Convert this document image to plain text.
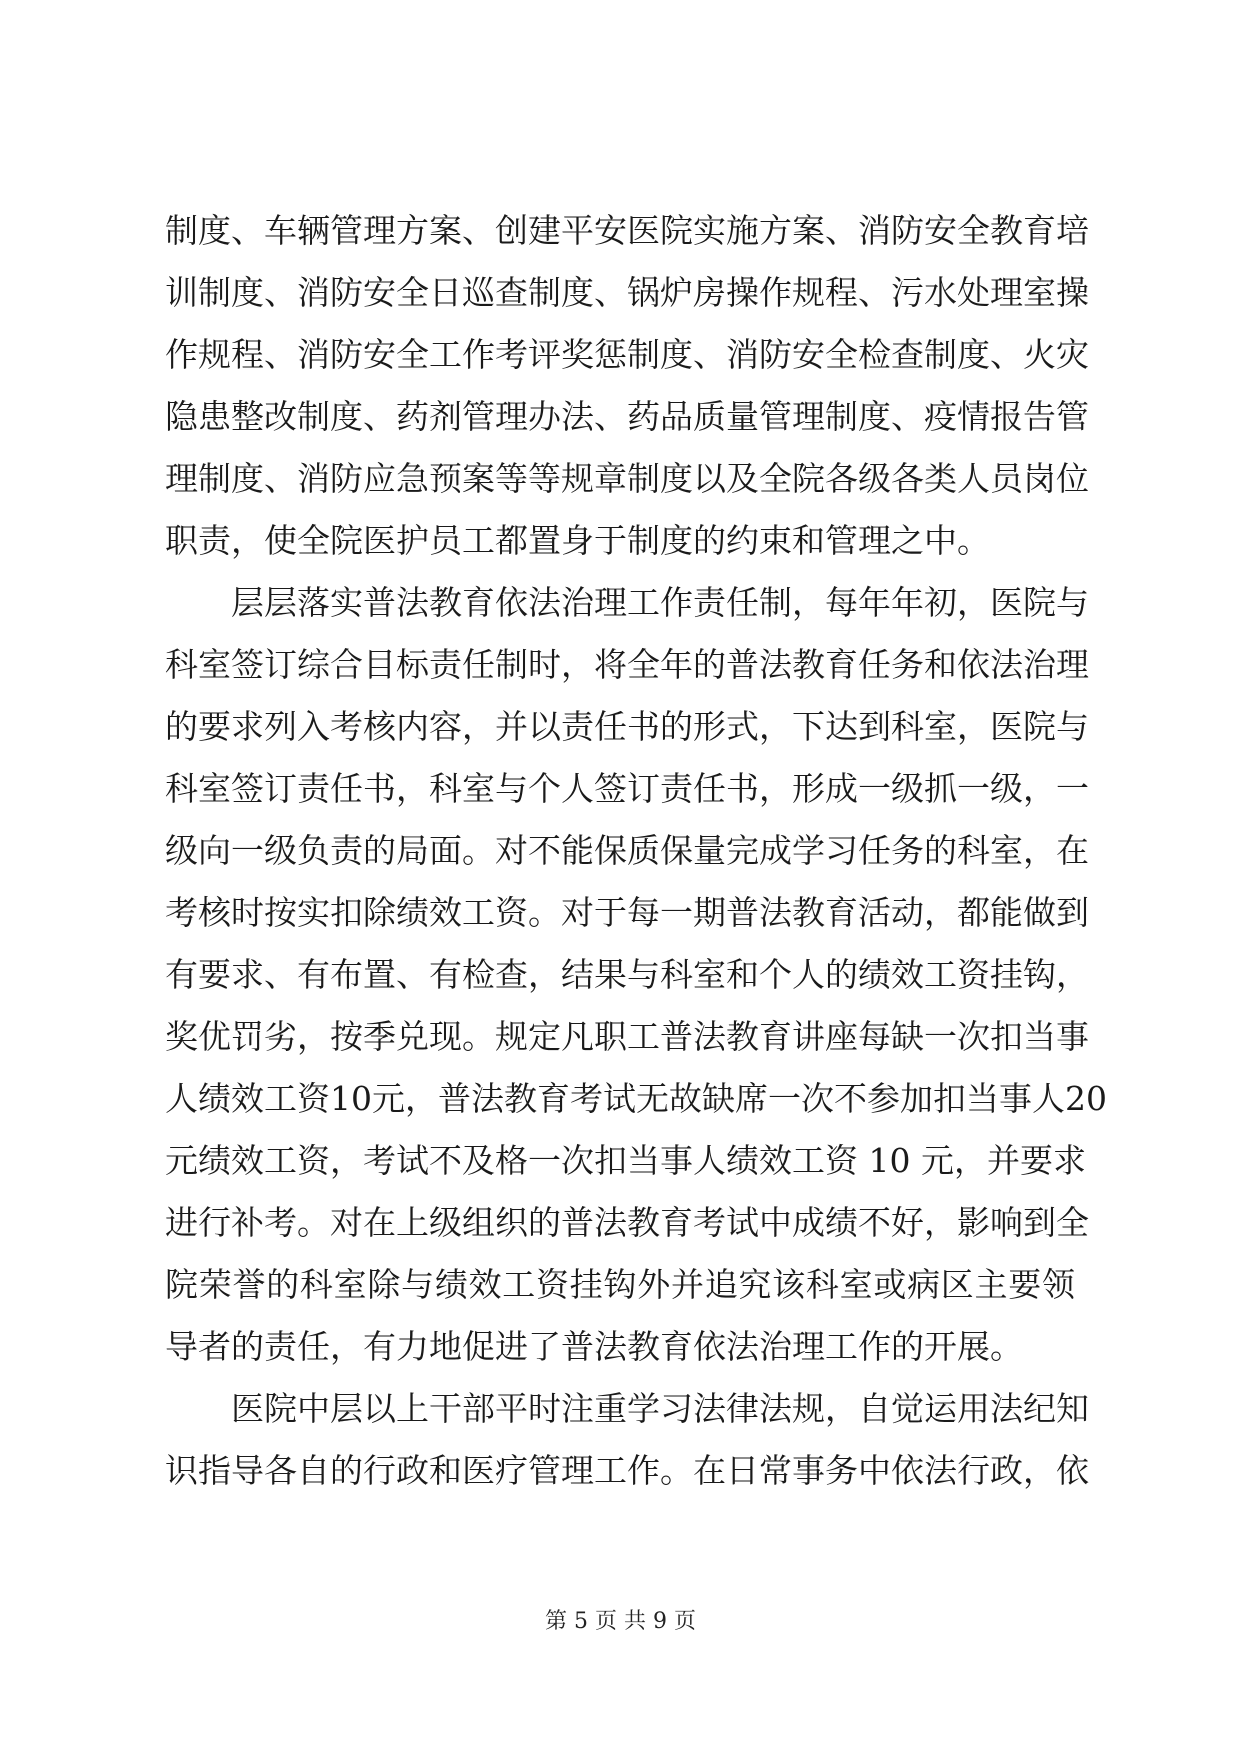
制度、车辆管理方案、创建平安医院实施方案、消防安全教育培
训制度、消防安全日巡查制度、锅炉房操作规程、污水处理室操
作规程、消防安全工作考评奖惩制度、消防安全检查制度、火灾
隐患整改制度、药剂管理办法、药品质量管理制度、疫情报告管
理制度、消防应急预案等等规章制度以及全院各级各类人员岗位
职责，使全院医护员工都置身于制度的约束和管理之中。
层层落实普法教育依法治理工作责任制，每年年初，医院与
科室签订综合目标责任制时，将全年的普法教育任务和依法治理
的要求列入考核内容，并以责任书的形式，下达到科室，医院与
科室签订责任书，科室与个人签订责任书，形成一级抓一级，一
级向一级负责的局面。对不能保质保量完成学习任务的科室，在
考核时按实扣除绩效工资。对于每一期普法教育活动，都能做到
有要求、有布置、有检查，结果与科室和个人的绩效工资挂钩，
奖优罚劣，按季兑现。规定凡职工普法教育讲座每缺一次扣当事
人绩效工资10元，普法教育考试无故缺席一次不参加扣当事人20
元绩效工资，考试不及格一次扣当事人绩效工资 10 元，并要求
进行补考。对在上级组织的普法教育考试中成绩不好，影响到全
院荣誉的科室除与绩效工资挂钩外并追究该科室或病区主要领
导者的责任，有力地促进了普法教育依法治理工作的开展。
医院中层以上干部平时注重学习法律法规，自觉运用法纪知
识指导各自的行政和医疗管理工作。在日常事务中依法行政，依
第 5 页 共 9 页
